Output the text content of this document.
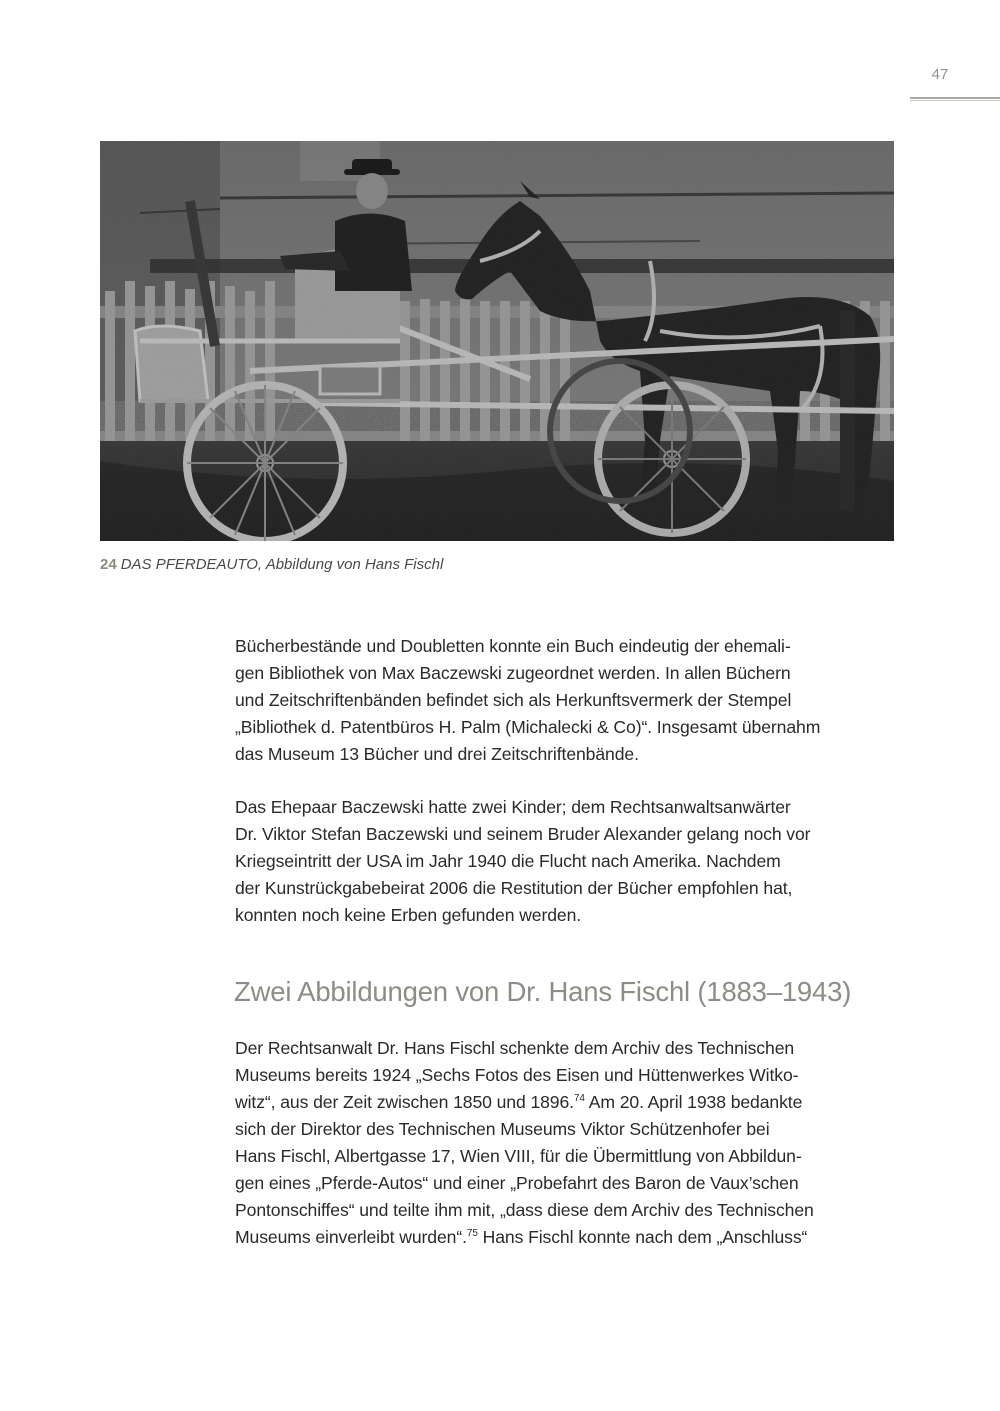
47
24 DAS PFERDEAUTO, Abbildung von Hans Fischl
Bücherbestände und Doubletten konnte ein Buch eindeutig der ehemali-
gen Bibliothek von Max Baczewski zugeordnet werden. In allen Büchern
und Zeitschriftenbänden befindet sich als Herkunftsvermerk der Stempel
„Bibliothek d. Patentbüros H. Palm (Michalecki & Co)“. Insgesamt übernahm
das Museum 13 Bücher und drei Zeitschriftenbände.
Das Ehepaar Baczewski hatte zwei Kinder; dem Rechtsanwaltsanwärter
Dr. Viktor Stefan Baczewski und seinem Bruder Alexander gelang noch vor
Kriegseintritt der USA im Jahr 1940 die Flucht nach Amerika. Nachdem
der Kunstrückgabebeirat 2006 die Restitution der Bücher empfohlen hat,
konnten noch keine Erben gefunden werden.
Zwei Abbildungen von Dr. Hans Fischl (1883–1943)
Der Rechtsanwalt Dr. Hans Fischl schenkte dem Archiv des Technischen
Museums bereits 1924 „Sechs Fotos des Eisen und Hüttenwerkes Witko-
witz“, aus der Zeit zwischen 1850 und 1896.74 Am 20. April 1938 bedankte
sich der Direktor des Technischen Museums Viktor Schützenhofer bei
Hans Fischl, Albertgasse 17, Wien VIII, für die Übermittlung von Abbildun-
gen eines „Pferde-Autos“ und einer „Probefahrt des Baron de Vaux’schen
Pontonschiffes“ und teilte ihm mit, „dass diese dem Archiv des Technischen
Museums einverleibt wurden“.$^{75}$ Hans Fischl konnte nach dem „Anschluss“
